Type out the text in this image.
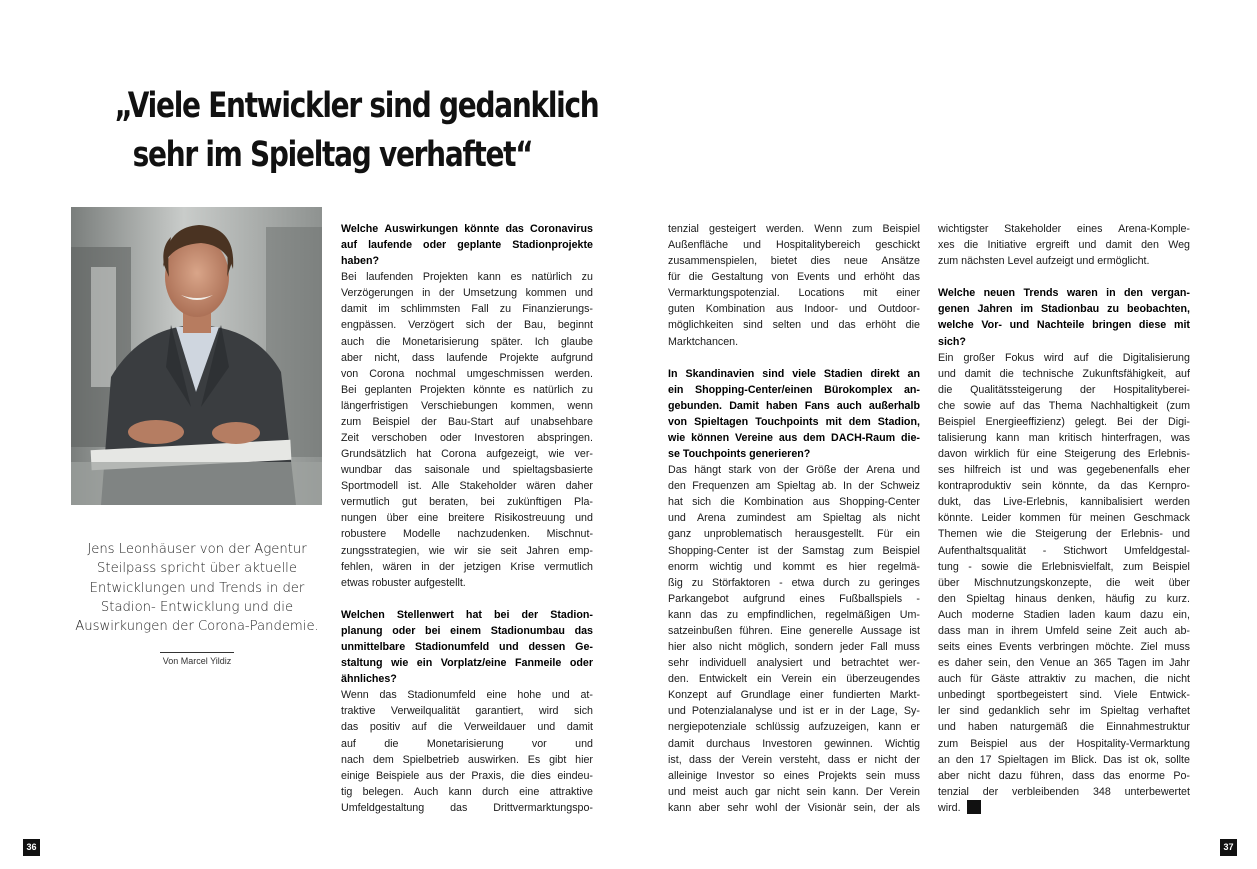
„Viele Entwickler sind gedanklich
sehr im Spieltag verhaftet“

Jens Leonhäuser von der Agentur
Steilpass spricht über aktuelle
Entwicklungen und Trends in der
Stadion- Entwicklung und die
Auswirkungen der Corona-Pandemie.

Von Marcel Yildiz
Welche Auswirkungen könnte das Coronavirus
auf laufende oder geplante Stadionprojekte
haben?
Bei laufenden Projekten kann es natürlich zu
Verzögerungen in der Umsetzung kommen und
damit im schlimmsten Fall zu Finanzierungs-
engpässen. Verzögert sich der Bau, beginnt
auch die Monetarisierung später. Ich glaube
aber nicht, dass laufende Projekte aufgrund
von Corona nochmal umgeschmissen werden.
Bei geplanten Projekten könnte es natürlich zu
längerfristigen Verschiebungen kommen, wenn
zum Beispiel der Bau-Start auf unabsehbare
Zeit verschoben oder Investoren abspringen.
Grundsätzlich hat Corona aufgezeigt, wie ver-
wundbar das saisonale und spieltagsbasierte
Sportmodell ist. Alle Stakeholder wären daher
vermutlich gut beraten, bei zukünftigen Pla-
nungen über eine breitere Risikostreuung und
robustere Modelle nachzudenken. Mischnut-
zungsstrategien, wie wir sie seit Jahren emp-
fehlen, wären in der jetzigen Krise vermutlich
etwas robuster aufgestellt.
Welchen Stellenwert hat bei der Stadion-
planung oder bei einem Stadionumbau das
unmittelbare Stadionumfeld und dessen Ge-
staltung wie ein Vorplatz/eine Fanmeile oder
ähnliches?
Wenn das Stadionumfeld eine hohe und at-
traktive Verweilqualität garantiert, wird sich
das positiv auf die Verweildauer und damit
auf	die	Monetarisierung	vor	und
nach dem Spielbetrieb auswirken. Es gibt hier
einige Beispiele aus der Praxis, die dies eindeu-
tig belegen. Auch kann durch eine attraktive
Umfeldgestaltung das Drittvermarktungspo-
tenzial gesteigert werden. Wenn zum Beispiel
Außenfläche und Hospitalitybereich geschickt
zusammenspielen, bietet dies neue Ansätze
für die Gestaltung von Events und erhöht das
Vermarktungspotenzial. Locations mit einer
guten Kombination aus Indoor- und Outdoor-
möglichkeiten sind selten und das erhöht die
Marktchancen.
In Skandinavien sind viele Stadien direkt an
ein Shopping-Center/einen Bürokomplex an-
gebunden. Damit haben Fans auch außerhalb
von Spieltagen Touchpoints mit dem Stadion,
wie können Vereine aus dem DACH-Raum die-
se Touchpoints generieren?
Das hängt stark von der Größe der Arena und
den Frequenzen am Spieltag ab. In der Schweiz
hat sich die Kombination aus Shopping-Center
und Arena zumindest am Spieltag als nicht
ganz unproblematisch herausgestellt. Für ein
Shopping-Center ist der Samstag zum Beispiel
enorm wichtig und kommt es hier regelmä-
ßig zu Störfaktoren - etwa durch zu geringes
Parkangebot aufgrund eines Fußballspiels -
kann das zu empfindlichen, regelmäßigen Um-
satzeinbußen führen. Eine generelle Aussage ist
hier also nicht möglich, sondern jeder Fall muss
sehr individuell analysiert und betrachtet wer-
den. Entwickelt ein Verein ein überzeugendes
Konzept auf Grundlage einer fundierten Markt-
und Potenzialanalyse und ist er in der Lage, Sy-
nergiepotenziale schlüssig aufzuzeigen, kann er
damit durchaus Investoren gewinnen. Wichtig
ist, dass der Verein versteht, dass er nicht der
alleinige Investor so eines Projekts sein muss
und meist auch gar nicht sein kann. Der Verein
kann aber sehr wohl der Visionär sein, der als
wichtigster Stakeholder eines Arena-Komple-
xes die Initiative ergreift und damit den Weg
zum nächsten Level aufzeigt und ermöglicht.
Welche neuen Trends waren in den vergan-
genen Jahren im Stadionbau zu beobachten,
welche Vor- und Nachteile bringen diese mit
sich?
Ein großer Fokus wird auf die Digitalisierung
und damit die technische Zukunftsfähigkeit, auf
die Qualitätssteigerung der Hospitalityberei-
che sowie auf das Thema Nachhaltigkeit (zum
Beispiel Energieeffizienz) gelegt. Bei der Digi-
talisierung kann man kritisch hinterfragen, was
davon wirklich für eine Steigerung des Erlebnis-
ses hilfreich ist und was gegebenenfalls eher
kontraproduktiv sein könnte, da das Kernpro-
dukt, das Live-Erlebnis, kannibalisiert werden
könnte. Leider kommen für meinen Geschmack
Themen wie die Steigerung der Erlebnis- und
Aufenthaltsqualität - Stichwort Umfeldgestal-
tung - sowie die Erlebnisvielfalt, zum Beispiel
über Mischnutzungskonzepte, die weit über
den Spieltag hinaus denken, häufig zu kurz.
Auch moderne Stadien laden kaum dazu ein,
dass man in ihrem Umfeld seine Zeit auch ab-
seits eines Events verbringen möchte. Ziel muss
es daher sein, den Venue an 365 Tagen im Jahr
auch für Gäste attraktiv zu machen, die nicht
unbedingt sportbegeistert sind. Viele Entwick-
ler sind gedanklich sehr im Spieltag verhaftet
und haben naturgemäß die Einnahmestruktur
zum Beispiel aus der Hospitality-Vermarktung
an den 17 Spieltagen im Blick. Das ist ok, sollte
aber nicht dazu führen, dass das enorme Po-
tenzial der verbleibenden 348 unterbewertet
wird.
36	37
